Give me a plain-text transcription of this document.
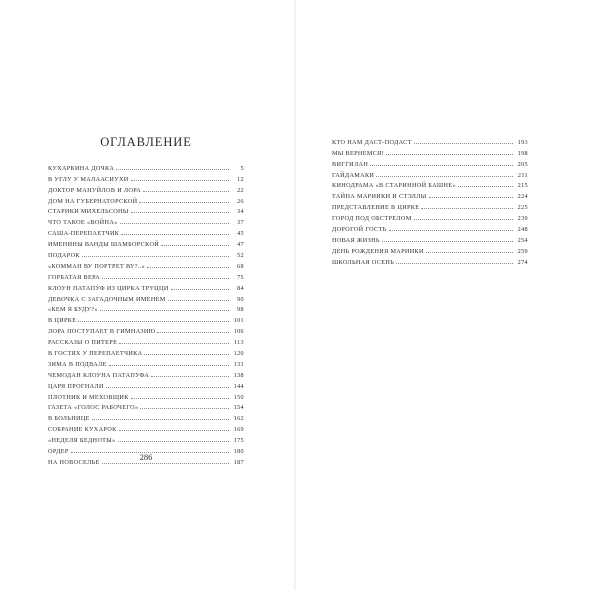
ОГЛАВЛЕНИЕ
КУХАРКИНА ДОЧКА	5
В УГЛУ У МАЛААСИУХИ	12
ДОКТОР МАНУЙЛОВ И ЛОРА	22
ДОМ НА ГУБЕРНАТОРСКОЙ	26
СТАРИКИ МИХЕЛЬСОНЫ	34
ЧТО ТАКОЕ «ВОЙНА»	37
САША-ПЕРЕПАЕТЧИК	45
ИМЕНИНЫ ВАНДЫ ШАМБОРСКОЙ	47
ПОДАРОК	52
«КОММАН ВУ ПОРТРЕТ ВУ?..»	68
ГОРБАТАЯ ВЕРА	75
КЛОУН ПАТАПУФ ИЗ ЦИРКА ТРУЦЦИ	84
ДЕВОЧКА С ЗАГАДОЧНЫМ ИМЕНЕМ	90
«КЕМ Я БУДУ?»	98
В ЦИРКЕ	101
ЛОРА ПОСТУПАЕТ В ГИМНАЗИЮ	106
РАССКАЗЫ О ПИТЕРЕ	113
В ГОСТЯХ У ПЕРЕПАЕТЧИКА	120
ЗИМА В ПОДВАЛЕ	131
ЧЕМОДАН КЛОУНА ПАТАПУФА	138
ЦАРЯ ПРОГНАЛИ	144
ПЛОТНИК И МЕХОВЩИК	150
ГАЗЕТА «ГОЛОС РАБОЧЕГО»	154
В БОЛЬНИЦЕ	162
СОБРАНИЕ КУХАРОК	169
«НЕДЕЛЯ БЕДНОТЫ»	175
ОРДЕР	180
НА НОВОСЕЛЬЕ	187
КТО НАМ ДАСТ-ПОДАСТ	193
МЫ ВЕРНЕМСЯ!	198
ВИГГИЛАН	205
ГАЙДАМАКИ	211
КИНОДРАМА «В СТАРИННОЙ БАШНЕ»	215
ТАЙНА МАРИИКИ И СТЭЛЛЫ	224
ПРЕДСТАВЛЕНИЕ В ЦИРКЕ	225
ГОРОД ПОД ОБСТРЕЛОМ	239
ДОРОГОЙ ГОСТЬ	248
НОВАЯ ЖИЗНЬ	254
ДЕНЬ РОЖДЕНИЯ МАРИИКИ	259
ШКОЛЬНАЯ ОСЕНЬ	274
286
